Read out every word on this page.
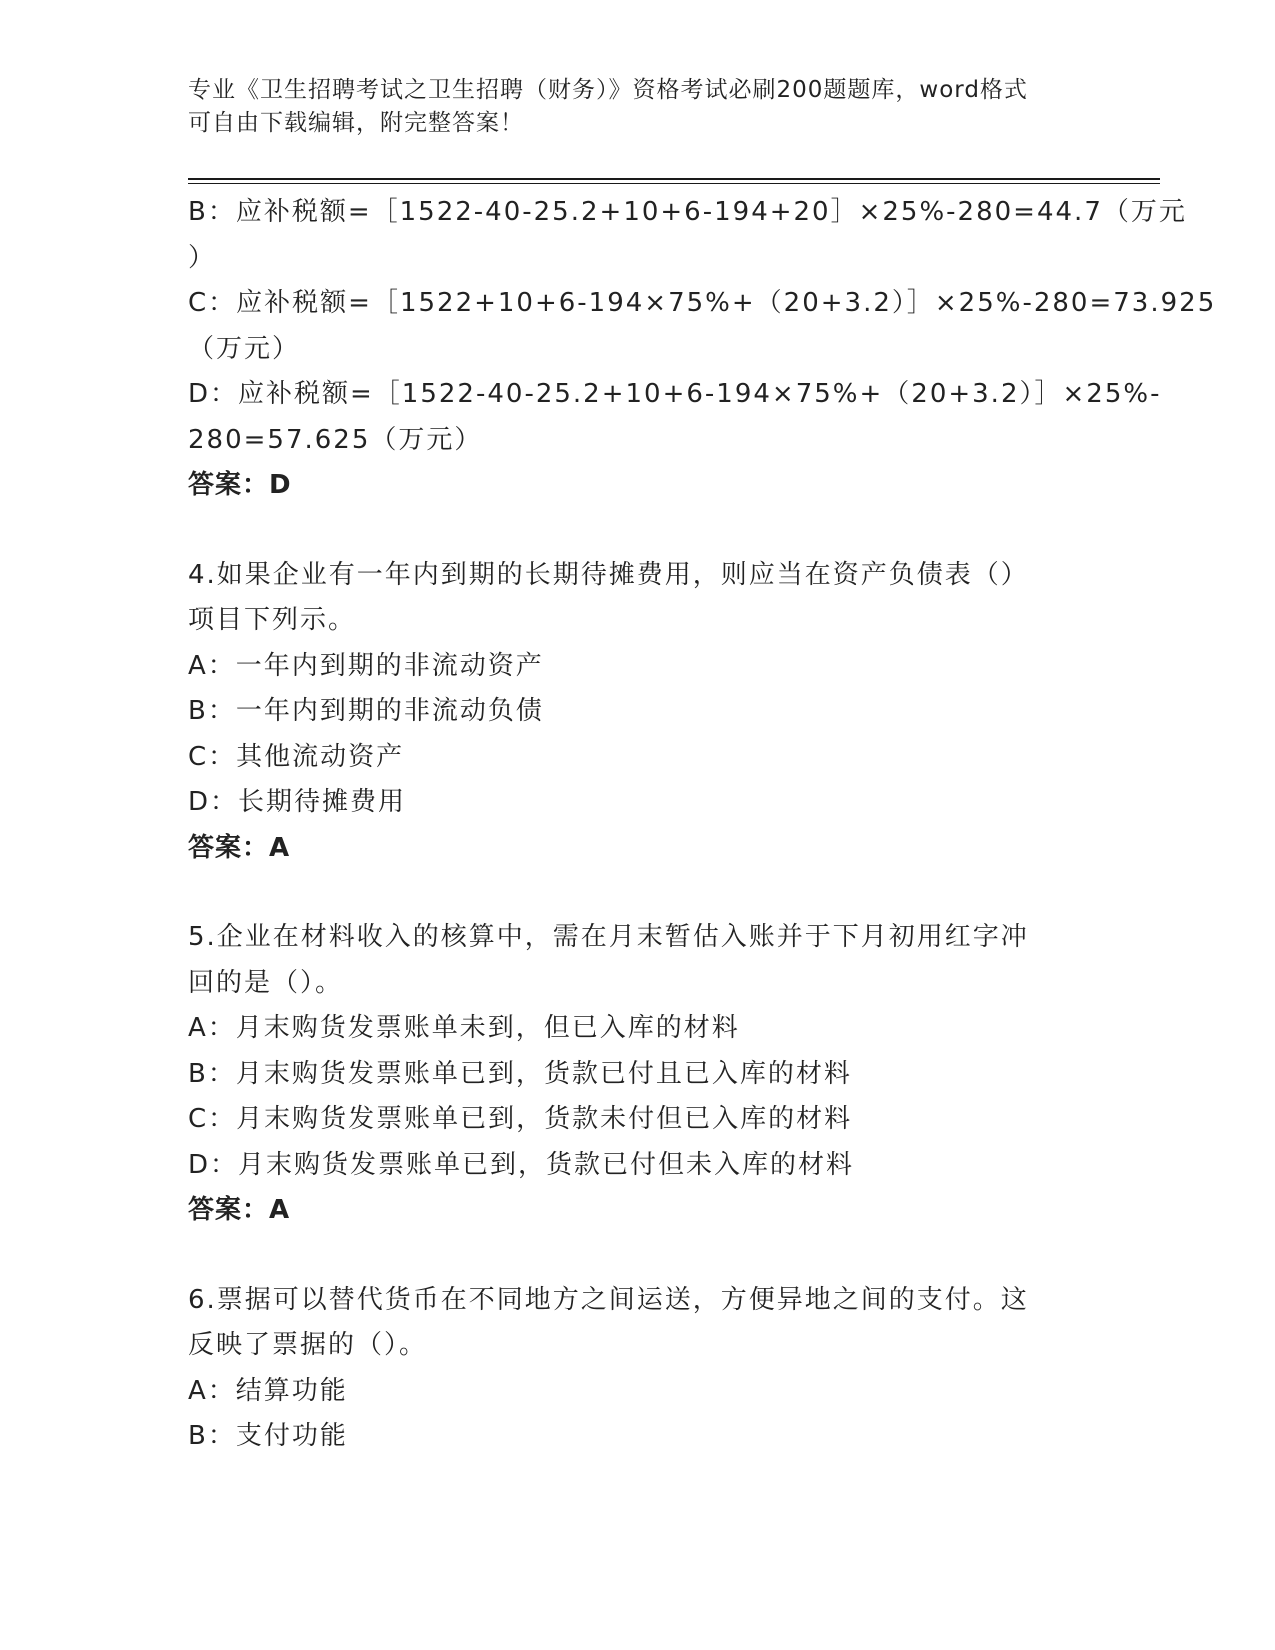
专业《卫生招聘考试之卫生招聘（财务）》资格考试必刷200题题库，word格式
可自由下载编辑，附完整答案！
B：应补税额=［1522-40-25.2+10+6-194+20］×25%-280=44.7（万元
）
C：应补税额=［1522+10+6-194×75%+（20+3.2）］×25%-280=73.925
（万元）
D：应补税额=［1522-40-25.2+10+6-194×75%+（20+3.2）］×25%-
280=57.625（万元）
答案：D
4.如果企业有一年内到期的长期待摊费用，则应当在资产负债表（）
项目下列示。
A：一年内到期的非流动资产
B：一年内到期的非流动负债
C：其他流动资产
D：长期待摊费用
答案：A
5.企业在材料收入的核算中，需在月末暂估入账并于下月初用红字冲
回的是（）。
A：月末购货发票账单未到，但已入库的材料
B：月末购货发票账单已到，货款已付且已入库的材料
C：月末购货发票账单已到，货款未付但已入库的材料
D：月末购货发票账单已到，货款已付但未入库的材料
答案：A
6.票据可以替代货币在不同地方之间运送，方便异地之间的支付。这
反映了票据的（）。
A：结算功能
B：支付功能
